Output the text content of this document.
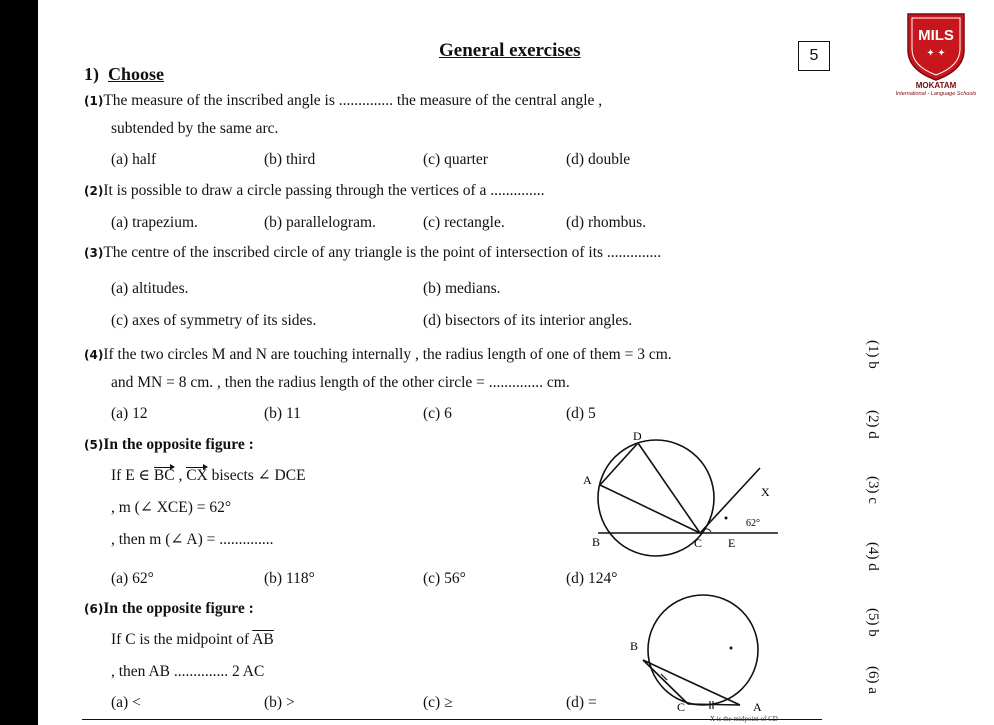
General exercises	5
MILS
✦ ✦
MOKATAM
International - Language Schools
1) Choose
(1)The measure of the inscribed angle is .............. the measure of the central angle ,
subtended by the same arc.
(a) half	(b) third	(c) quarter	(d) double
(2)It is possible to draw a circle passing through the vertices of a ..............
(a) trapezium.	(b) parallelogram.	(c) rectangle.	(d) rhombus.
(3)The centre of the inscribed circle of any triangle is the point of intersection of its ..............
(a) altitudes.	(b) medians.
(c) axes of symmetry of its sides.	(d) bisectors of its interior angles.
(4)If the two circles M and N are touching internally , the radius length of one of them = 3 cm.
and MN = 8 cm. , then the radius length of the other circle = .............. cm.
(a) 12	(b) 11	(c) 6	(d) 5
(5)In the opposite figure :
If E ∈ BC , CX bisects ∠ DCE
, m (∠ XCE) = 62°
, then m (∠ A) = ..............
(a) 62°	(b) 118°	(c) 56°	(d) 124°
D
A
X
62°
B	C E
(6)In the opposite figure :
If C is the midpoint of $\overline{AB}$
, then AB .............. 2 AC
(a) <	(b) >	(c) ≥	(d) =
B
C	A
(1) b
(2) d
(3) c
(4) d
(5) b
(6) a
X is the midpoint of CD
